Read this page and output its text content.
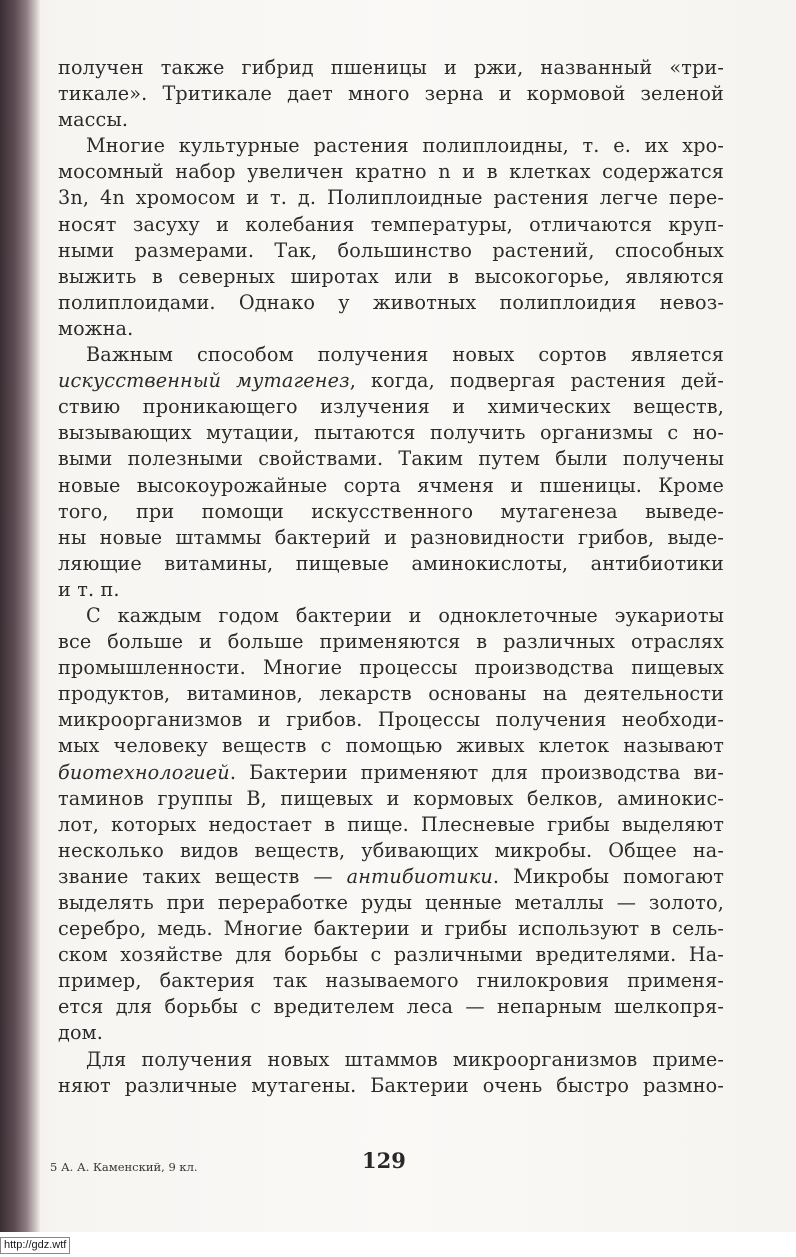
получен также гибрид пшеницы и ржи, названный «три-

тикале». Тритикале дает много зерна и кормовой зеленой

массы.

Многие культурные растения полиплоидны, т. е. их хро-

мосомный набор увеличен кратно n и в клетках содержатся

3n, 4n хромосом и т. д. Полиплоидные растения легче пере-

носят засуху и колебания температуры, отличаются круп-

ными размерами. Так, большинство растений, способных

выжить в северных широтах или в высокогорье, являются

полиплоидами. Однако у животных полиплоидия невоз-

можна.

Важным способом получения новых сортов является

искусственный мутагенез, когда, подвергая растения дей-

ствию проникающего излучения и химических веществ,

вызывающих мутации, пытаются получить организмы с но-

выми полезными свойствами. Таким путем были получены

новые высокоурожайные сорта ячменя и пшеницы. Кроме

того, при помощи искусственного мутагенеза выведе-

ны новые штаммы бактерий и разновидности грибов, выде-

ляющие витамины, пищевые аминокислоты, антибиотики

и т. п.

С каждым годом бактерии и одноклеточные эукариоты

все больше и больше применяются в различных отраслях

промышленности. Многие процессы производства пищевых

продуктов, витаминов, лекарств основаны на деятельности

микроорганизмов и грибов. Процессы получения необходи-

мых человеку веществ с помощью живых клеток называют

биотехнологией. Бактерии применяют для производства ви-

таминов группы B, пищевых и кормовых белков, аминокис-

лот, которых недостает в пище. Плесневые грибы выделяют

несколько видов веществ, убивающих микробы. Общее на-

звание таких веществ — антибиотики. Микробы помогают

выделять при переработке руды ценные металлы — золото,

серебро, медь. Многие бактерии и грибы используют в сель-

ском хозяйстве для борьбы с различными вредителями. На-

пример, бактерия так называемого гнилокровия применя-

ется для борьбы с вредителем леса — непарным шелкопря-

дом.

Для получения новых штаммов микроорганизмов приме-

няют различные мутагены. Бактерии очень быстро размно-

5 А. А. Каменский, 9 кл.	129
http://gdz.wtf
